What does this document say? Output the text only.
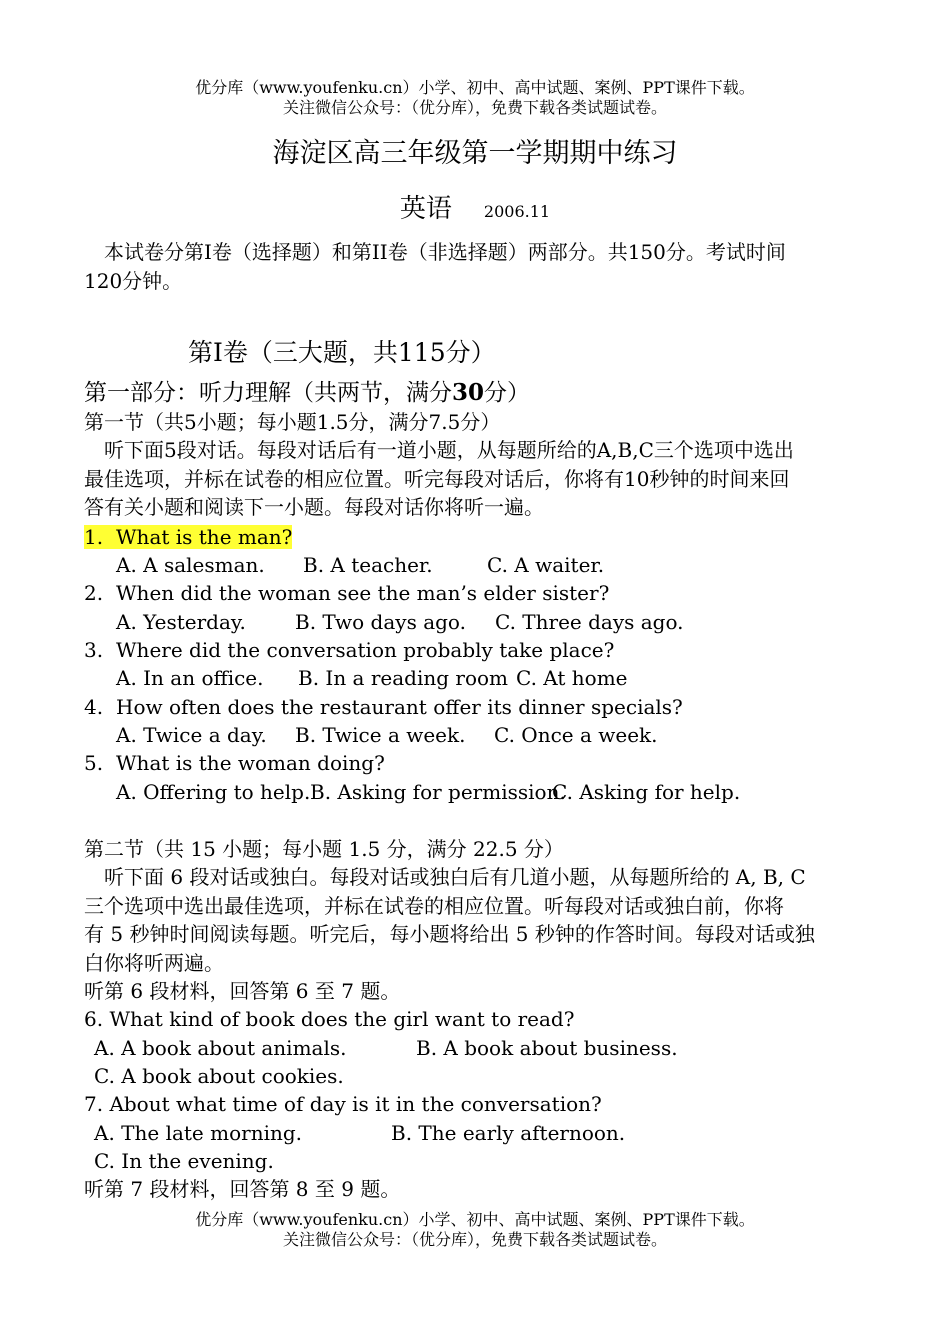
优分库（www.youfenku.cn）小学、初中、高中试题、案例、PPT课件下载。
关注微信公众号：（优分库），免费下载各类试题试卷。
海淀区高三年级第一学期期中练习
英语 2006.11
本试卷分第I卷（选择题）和第II卷（非选择题）两部分。共150分。考试时间
120分钟。
第I卷（三大题，共115分）
第一部分：听力理解（共两节，满分30分）
第一节（共5小题；每小题1.5分，满分7.5分）
听下面5段对话。每段对话后有一道小题，从每题所给的A,B,C三个选项中选出
最佳选项，并标在试卷的相应位置。听完每段对话后，你将有10秒钟的时间来回
答有关小题和阅读下一小题。每段对话你将听一遍。
1. What is the man?
A. A salesman. B. A teacher.	C. A waiter.
2. When did the woman see the man’s elder sister?
A. Yesterday. B. Two days ago. C. Three days ago.
3. Where did the conversation probably take place?
A. In an office. B. In a reading room C. At home
4. How often does the restaurant offer its dinner specials?
A. Twice a day. B. Twice a week. C. Once a week.
5. What is the woman doing?
A. Offering to help. B. Asking for permission.
C. Asking for help.
第二节（共 15 小题；每小题 1.5 分，满分 22.5 分）
听下面 6 段对话或独白。每段对话或独白后有几道小题，从每题所给的 A, B, C
三个选项中选出最佳选项，并标在试卷的相应位置。听每段对话或独白前，你将
有 5 秒钟时间阅读每题。听完后，每小题将给出 5 秒钟的作答时间。每段对话或独
白你将听两遍。
听第 6 段材料，回答第 6 至 7 题。
6. What kind of book does the girl want to read?
A. A book about animals.	B. A book about business.
C. A book about cookies.
7. About what time of day is it in the conversation?
A. The late morning.	B. The early afternoon.
C. In the evening.
听第 7 段材料，回答第 8 至 9 题。
优分库（www.youfenku.cn）小学、初中、高中试题、案例、PPT课件下载。
关注微信公众号：（优分库），免费下载各类试题试卷。
